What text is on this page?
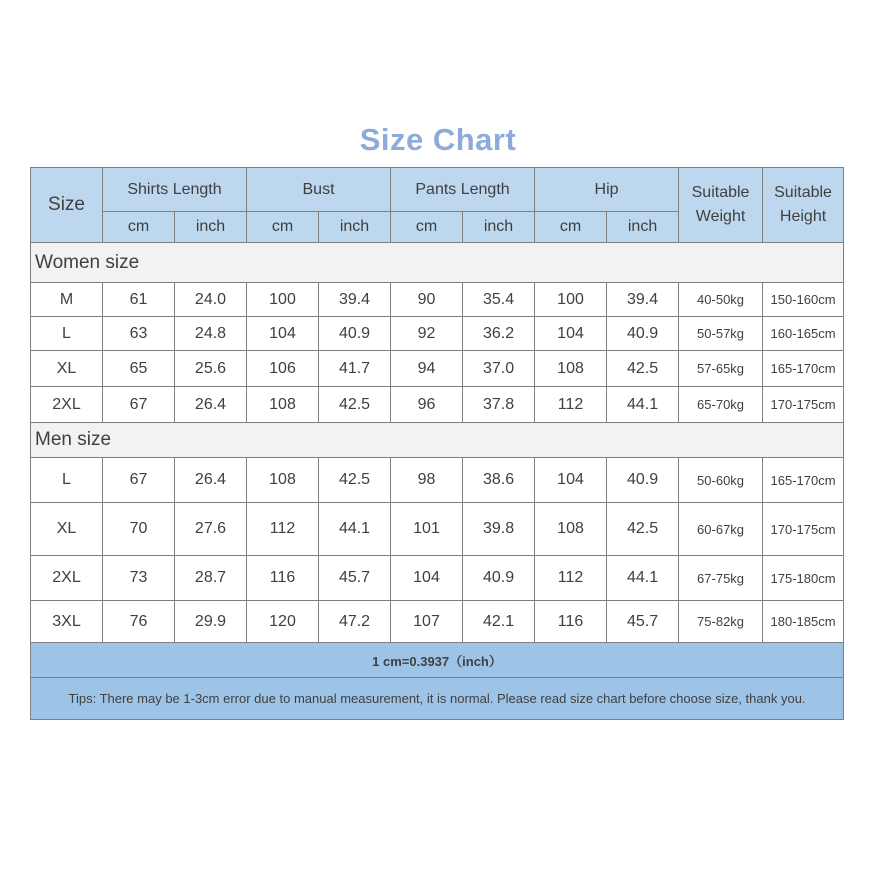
Size Chart
Size	Shirts Length		Bust		Pants Length		Hip		Suitable Weight	Suitable Height
	cm	inch	cm	inch	cm	inch	cm	inch		
Women size										
M	61	24.0	100	39.4	90	35.4	100	39.4	40-50kg	150-160cm
L	63	24.8	104	40.9	92	36.2	104	40.9	50-57kg	160-165cm
XL	65	25.6	106	41.7	94	37.0	108	42.5	57-65kg	165-170cm
2XL	67	26.4	108	42.5	96	37.8	112	44.1	65-70kg	170-175cm
Men size										
L	67	26.4	108	42.5	98	38.6	104	40.9	50-60kg	165-170cm
XL	70	27.6	112	44.1	101	39.8	108	42.5	60-67kg	170-175cm
2XL	73	28.7	116	45.7	104	40.9	112	44.1	67-75kg	175-180cm
3XL	76	29.9	120	47.2	107	42.1	116	45.7	75-82kg	180-185cm
1 cm=0.3937（inch）										
Tips: There may be 1-3cm error due to manual measurement, it is normal. Please read size chart before choose size, thank you.										
